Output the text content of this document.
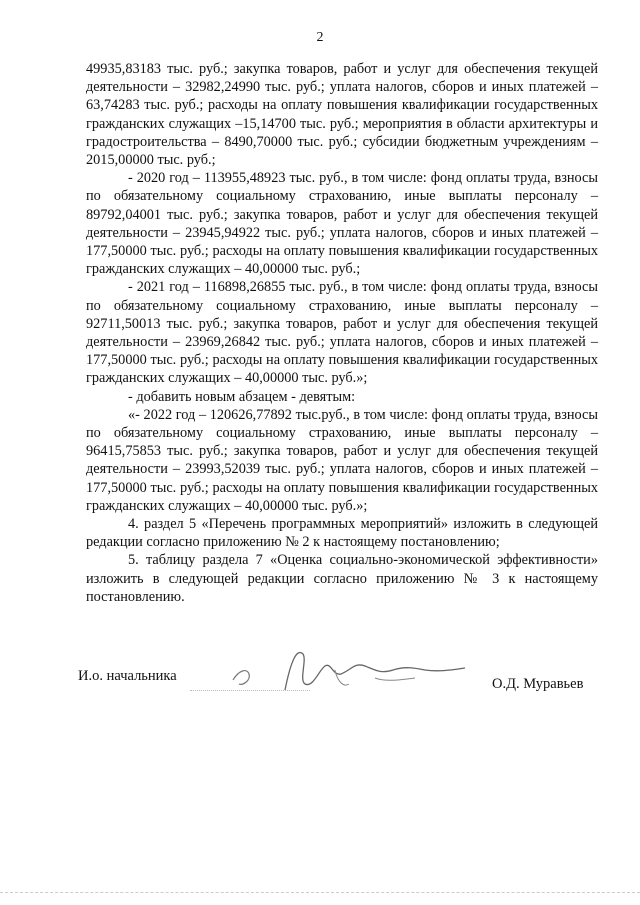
2

49935,83183 тыс. руб.; закупка товаров, работ и услуг для обеспечения текущей деятельности – 32982,24990 тыс. руб.; уплата налогов, сборов и иных платежей – 63,74283 тыс. руб.; расходы на оплату повышения квалификации государственных гражданских служащих –15,14700 тыс. руб.; мероприятия в области архитектуры и градостроительства – 8490,70000 тыс. руб.; субсидии бюджетным учреждениям – 2015,00000 тыс. руб.;

- 2020 год – 113955,48923 тыс. руб., в том числе: фонд оплаты труда, взносы по обязательному социальному страхованию, иные выплаты персоналу – 89792,04001 тыс. руб.; закупка товаров, работ и услуг для обеспечения текущей деятельности – 23945,94922 тыс. руб.; уплата налогов, сборов и иных платежей – 177,50000 тыс. руб.; расходы на оплату повышения квалификации государственных гражданских служащих – 40,00000 тыс. руб.;

- 2021 год – 116898,26855 тыс. руб., в том числе: фонд оплаты труда, взносы по обязательному социальному страхованию, иные выплаты персоналу – 92711,50013 тыс. руб.; закупка товаров, работ и услуг для обеспечения текущей деятельности – 23969,26842 тыс. руб.; уплата налогов, сборов и иных платежей – 177,50000 тыс. руб.; расходы на оплату повышения квалификации государственных гражданских служащих – 40,00000 тыс. руб.»;

- добавить новым абзацем - девятым:

«- 2022 год – 120626,77892 тыс.руб., в том числе: фонд оплаты труда, взносы по обязательному социальному страхованию, иные выплаты персоналу – 96415,75853 тыс. руб.; закупка товаров, работ и услуг для обеспечения текущей деятельности – 23993,52039 тыс. руб.; уплата налогов, сборов и иных платежей – 177,50000 тыс. руб.; расходы на оплату повышения квалификации государственных гражданских служащих – 40,00000 тыс. руб.»;

4. раздел 5 «Перечень программных мероприятий» изложить в следующей редакции согласно приложению № 2 к настоящему постановлению;

5. таблицу раздела 7 «Оценка социально-экономической эффективности» изложить в следующей редакции согласно приложению № 3 к настоящему постановлению.

И.о. начальника	О.Д. Муравьев
